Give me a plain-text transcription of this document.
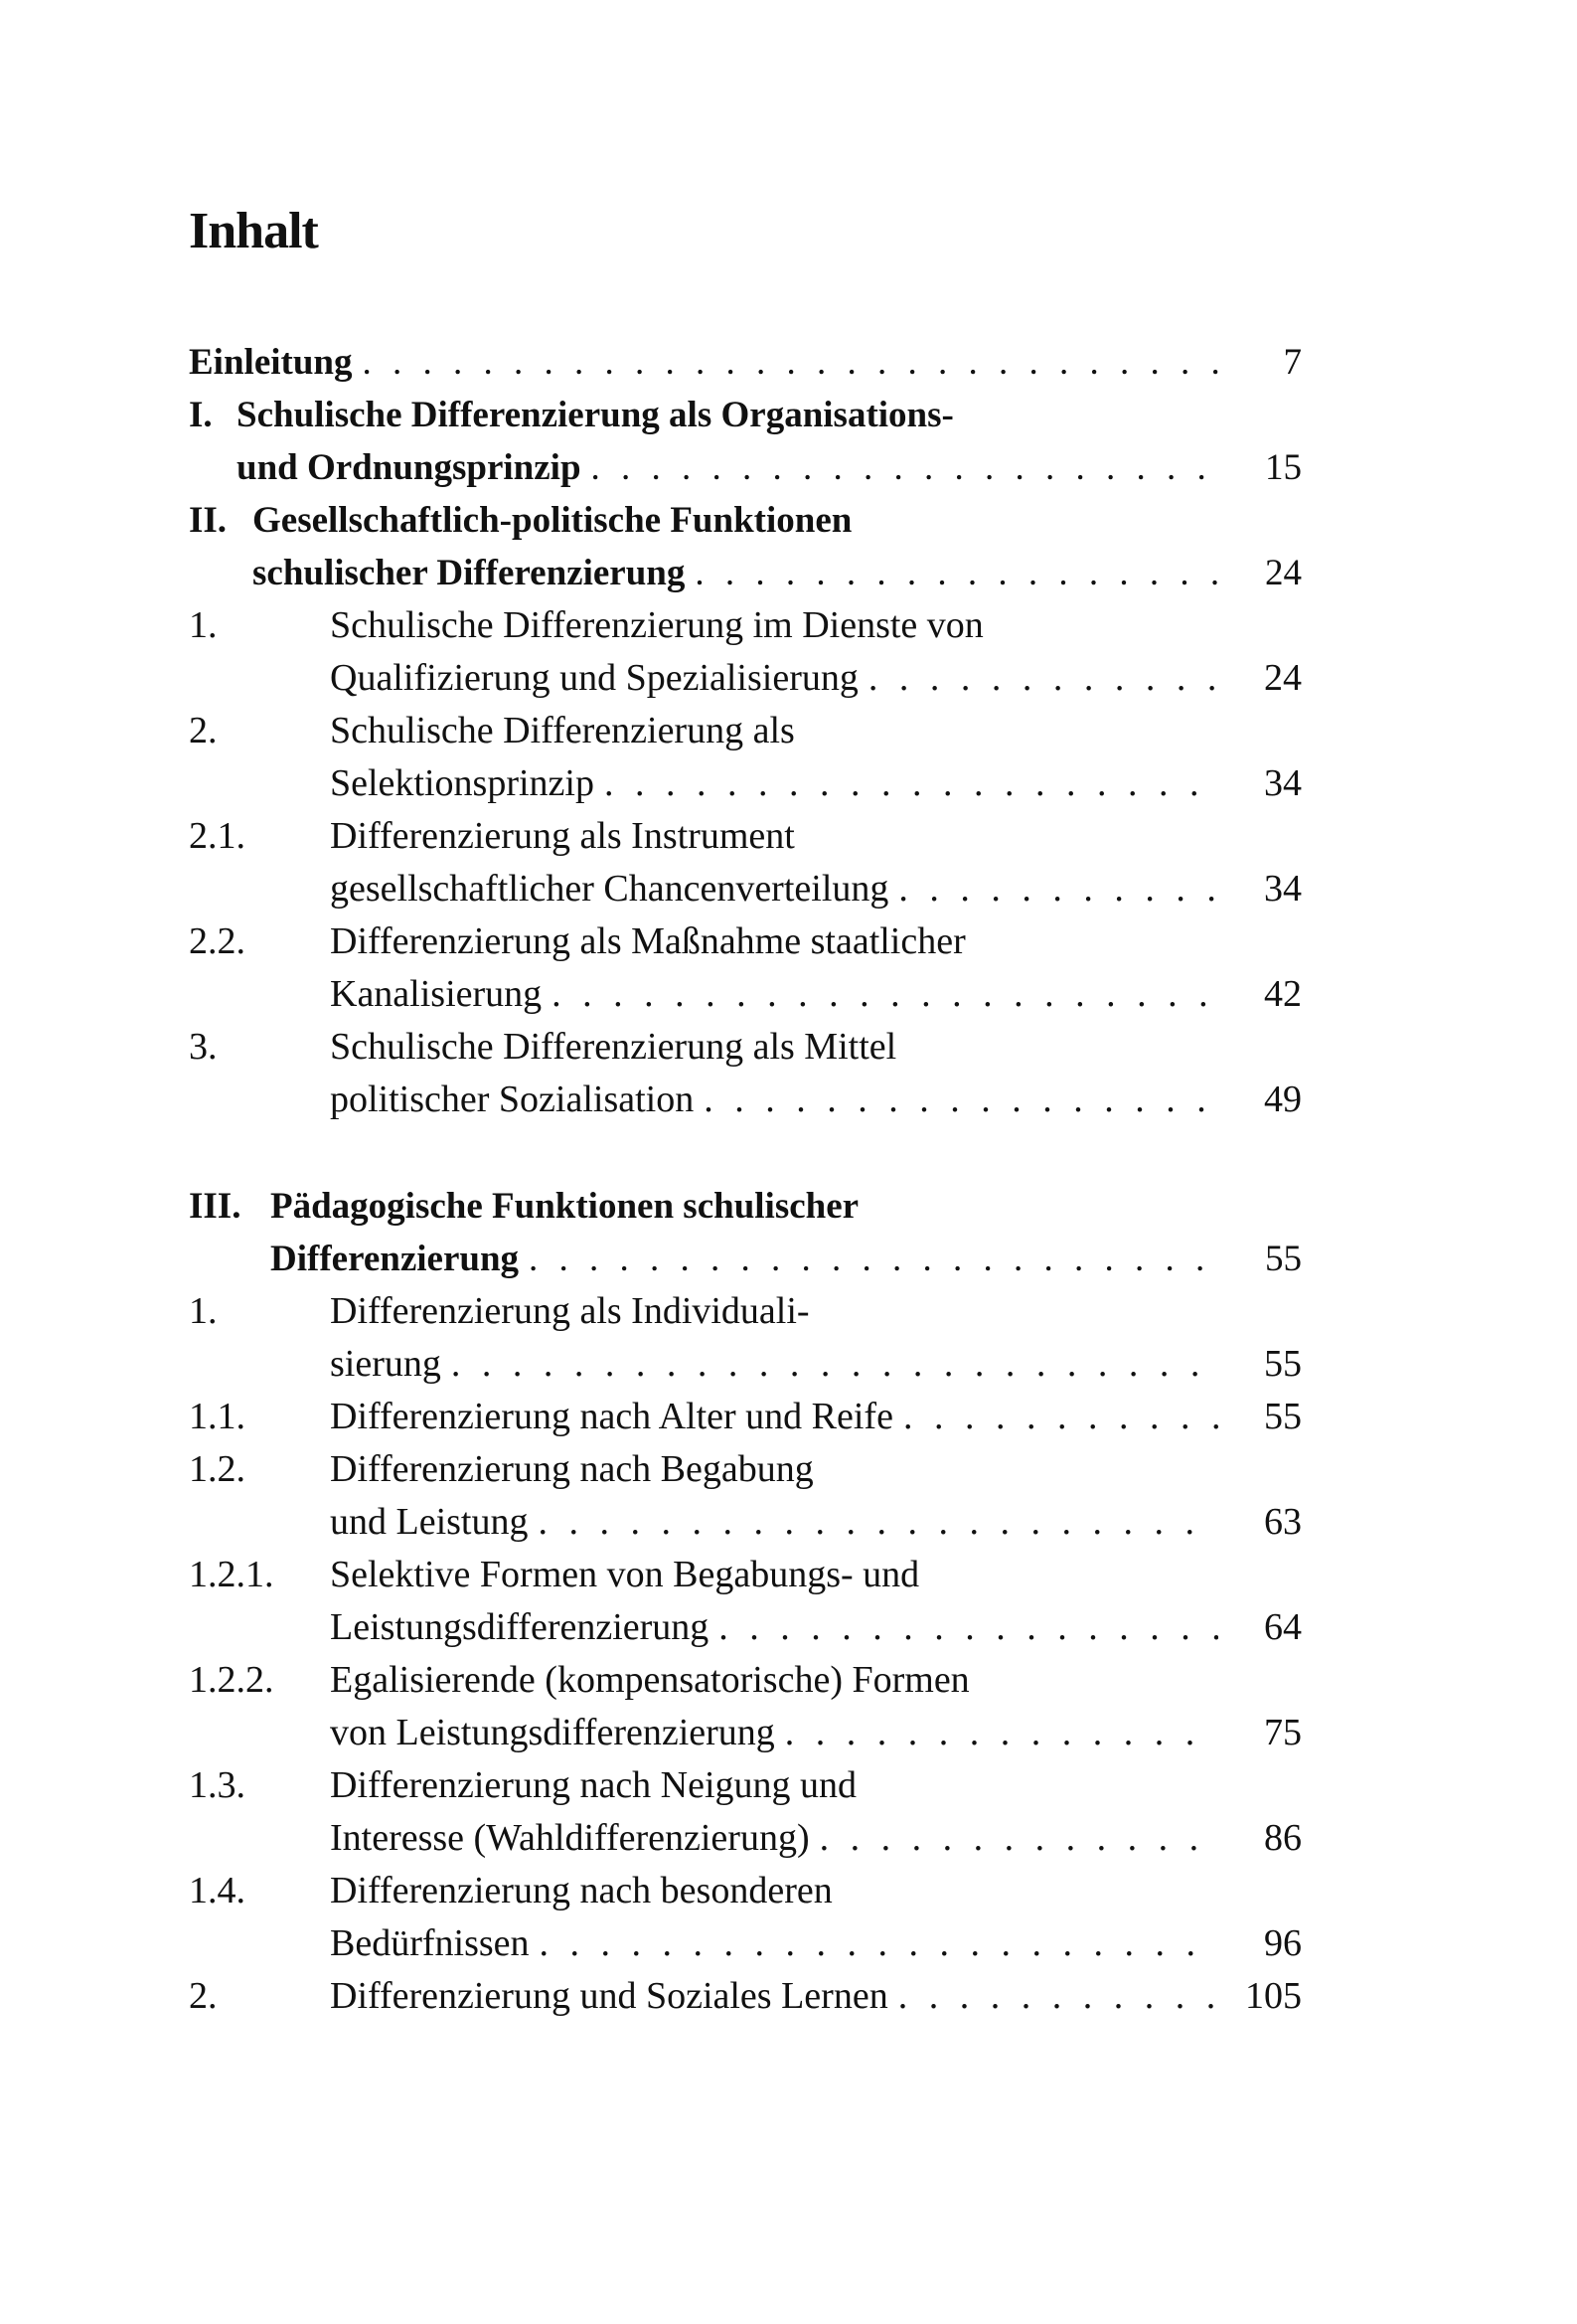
Inhalt
Einleitung . . .	7
I. Schulische Differenzierung als Organisations-
und Ordnungsprinzip . . .	15
II. Gesellschaftlich-politische Funktionen
schulischer Differenzierung . . .	24
1.	Schulische Differenzierung im Dienste von
Qualifizierung und Spezialisierung . . .	24
2.	Schulische Differenzierung als
Selektionsprinzip . . .	34
2.1.	Differenzierung als Instrument
gesellschaftlicher Chancenverteilung . . .	34
2.2.	Differenzierung als Maßnahme staatlicher
Kanalisierung . . .	42
3.	Schulische Differenzierung als Mittel
politischer Sozialisation . . .	49
III. Pädagogische Funktionen schulischer
Differenzierung . . .	55
1.	Differenzierung als Individuali-
sierung . . .	55
1.1. Differenzierung nach Alter und Reife . . .	55
1.2.	Differenzierung nach Begabung
und Leistung . . .	63
1.2.1.	Selektive Formen von Begabungs- und
Leistungsdifferenzierung . . .	64
1.2.2.	Egalisierende (kompensatorische) Formen
von Leistungsdifferenzierung . . .	75
1.3.	Differenzierung nach Neigung und
Interesse (Wahldifferenzierung) . . .	86
1.4.	Differenzierung nach besonderen
Bedürfnissen . . .	96
2.	Differenzierung und Soziales Lernen . . .	105
